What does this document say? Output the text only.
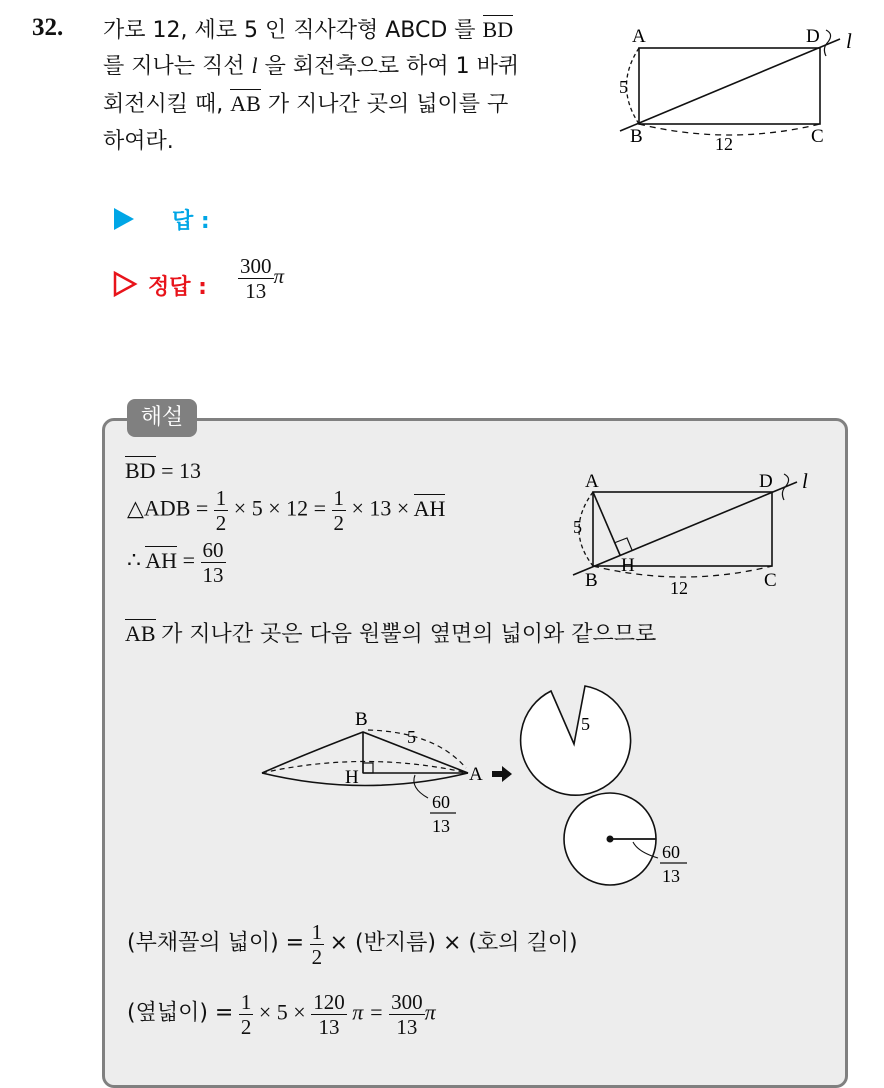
32. 가로 12, 세로 5 인 직사각형 ABCD 를 BD
를 지나는 직선 l 을 회전축으로 하여 1 바퀴
회전시킬 때, AB 가 지나간 곳의 넓이를 구
하여라.
A	D l
5
B	12	C
답 :
정답 : $\frac{300}{13}$ π
해설
BD = 13
△ADB = $\frac{1}{2} \times 5 \times 12 = \frac{1}{2} \times 13$ × AH
∴ AH = $\frac{60}{13}$
A	D l
5
H
B	12	C
AB 가 지나간 곳은 다음 원뿔의 옆면의 넓이와 같으므로
B
5
H	A
60
13
5
60
13
(부채꼴의 넓이) = $\frac{1}{2}$ × (반지름) × (호의 길이)
(옆넓이) = $\frac{1}{2} \times 5 \times \frac{120}{13}$ $\pi = \frac{300}{13}$ π
